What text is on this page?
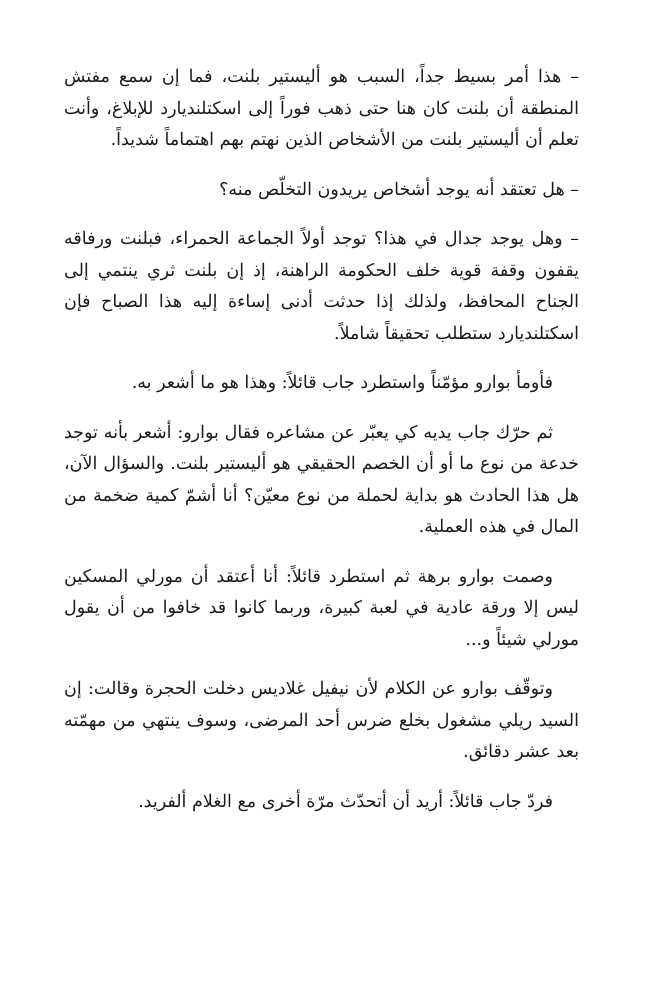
– هذا أمر بسيط جداً، السبب هو أليستير بلنت، فما إن سمع مفتش المنطقة أن بلنت كان هنا حتى ذهب فوراً إلى اسكتلنديارد للإبلاغ، وأنت تعلم أن أليستير بلنت من الأشخاص الذين نهتم بهم اهتماماً شديداً.

– هل تعتقد أنه يوجد أشخاص يريدون التخلّص منه؟

– وهل يوجد جدال في هذا؟ توجد أولاً الجماعة الحمراء، فبلنت ورفاقه يقفون وقفة قوية خلف الحكومة الراهنة، إذ إن بلنت ثري ينتمي إلى الجناح المحافظ، ولذلك إذا حدثت أدنى إساءة إليه هذا الصباح فإن اسكتلنديارد ستطلب تحقيقاً شاملاً.

فأومأ بوارو مؤمّناً واستطرد جاب قائلاً: وهذا هو ما أشعر به.

ثم حرّك جاب يديه كي يعبّر عن مشاعره فقال بوارو: أشعر بأنه توجد خدعة من نوع ما أو أن الخصم الحقيقي هو أليستير بلنت. والسؤال الآن، هل هذا الحادث هو بداية لحملة من نوع معيّن؟ أنا أشمّ كمية ضخمة من المال في هذه العملية.

وصمت بوارو برهة ثم استطرد قائلاً: أنا أعتقد أن مورلي المسكين ليس إلا ورقة عادية في لعبة كبيرة، وربما كانوا قد خافوا من أن يقول مورلي شيئاً و...

وتوقّف بوارو عن الكلام لأن نيفيل غلاديس دخلت الحجرة وقالت: إن السيد ريلي مشغول بخلع ضرس أحد المرضى، وسوف ينتهي من مهمّته بعد عشر دقائق.

فردّ جاب قائلاً: أريد أن أتحدّث مرّة أخرى مع الغلام ألفريد.
